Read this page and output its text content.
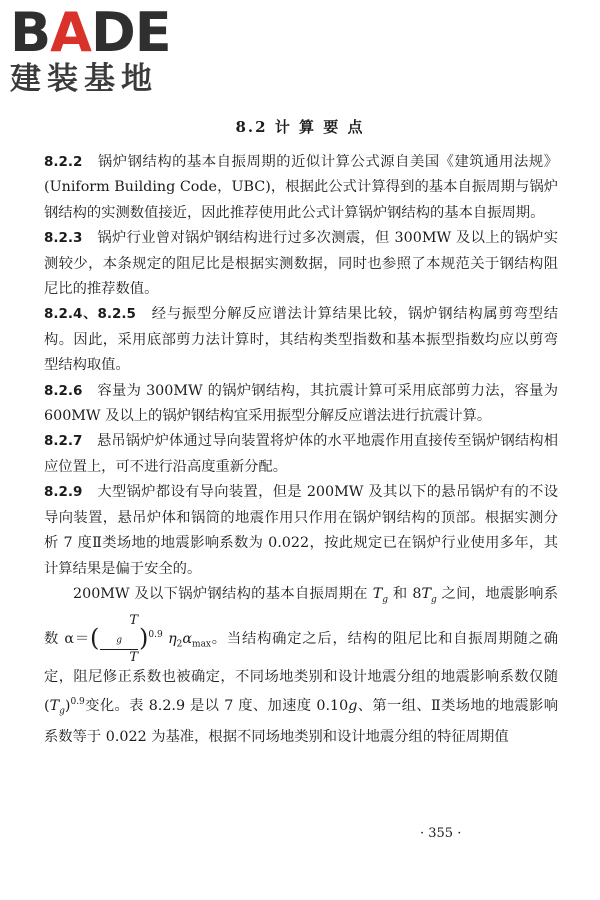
BADE
建装基地
8.2 计 算 要 点

8.2.2　 锅炉钢结构的基本自振周期的近似计算公式源自美国《建筑通用法规》(Uniform Building Code，UBC)，根据此公式计算得到的基本自振周期与锅炉钢结构的实测数值接近，因此推荐使用此公式计算锅炉钢结构的基本自振周期。

8.2.3　 锅炉行业曾对锅炉钢结构进行过多次测震，但 300MW 及以上的锅炉实测较少，本条规定的阻尼比是根据实测数据，同时也参照了本规范关于钢结构阻尼比的推荐数值。

8.2.4、8.2.5　 经与振型分解反应谱法计算结果比较，锅炉钢结构属剪弯型结构。因此，采用底部剪力法计算时，其结构类型指数和基本振型指数均应以剪弯型结构取值。

8.2.6　 容量为 300MW 的锅炉钢结构，其抗震计算可采用底部剪力法，容量为 600MW 及以上的锅炉钢结构宜采用振型分解反应谱法进行抗震计算。

8.2.7　 悬吊锅炉炉体通过导向装置将炉体的水平地震作用直接传至锅炉钢结构相应位置上，可不进行沿高度重新分配。

8.2.9　 大型锅炉都设有导向装置，但是 200MW 及其以下的悬吊锅炉有的不设导向装置，悬吊炉体和锅筒的地震作用只作用在锅炉钢结构的顶部。根据实测分析 7 度Ⅱ类场地的地震影响系数为 0.022，按此规定已在锅炉行业使用多年，其计算结果是偏于安全的。

200MW 及以下锅炉钢结构的基本自振周期在 $T_g$ 和 $8T_g$ 之间，地震影响系数 α＝( T
$_g$
T )$^{0.9}$ $\eta_2\alpha_{max}$。当结构确定之后，结构的阻尼比和自振周期随之确定，阻尼修正系数也被确定，不同场地类别和设计地震分组的地震影响系数仅随$(T_g)^{0.9}$变化。表 8.2.9 是以 7 度、加速度 0.10g、第一组、Ⅱ类场地的地震影响系数等于 0.022 为基准，根据不同场地类别和设计地震分组的特征周期值

· 355 ·
